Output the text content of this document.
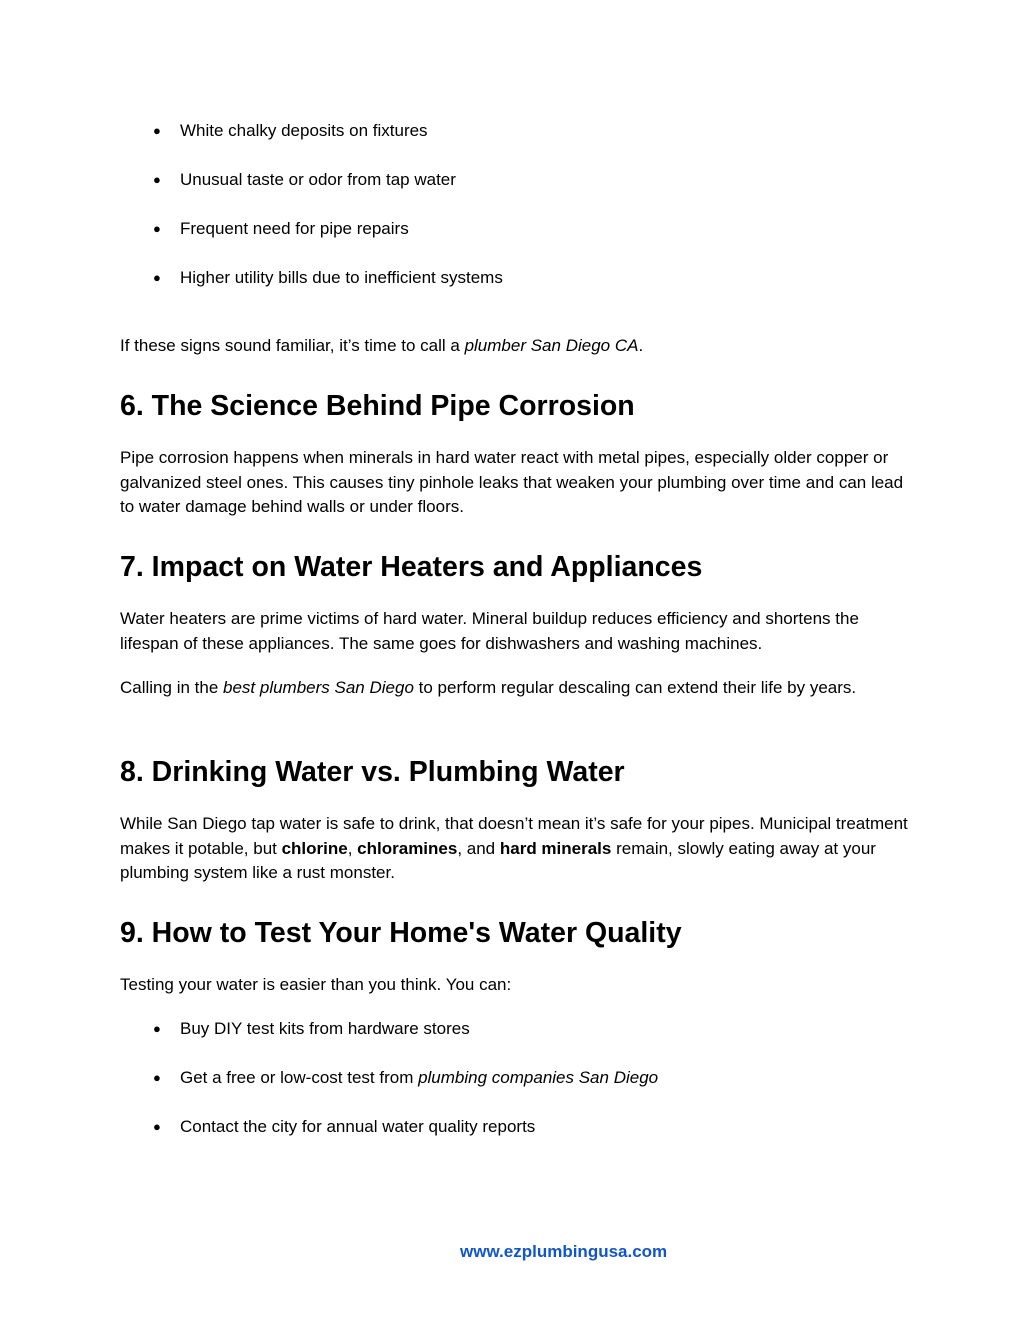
● White chalky deposits on fixtures
● Unusual taste or odor from tap water
● Frequent need for pipe repairs
● Higher utility bills due to inefficient systems

If these signs sound familiar, it’s time to call a plumber San Diego CA.

6. The Science Behind Pipe Corrosion

Pipe corrosion happens when minerals in hard water react with metal pipes, especially older copper or galvanized steel ones. This causes tiny pinhole leaks that weaken your plumbing over time and can lead to water damage behind walls or under floors.

7. Impact on Water Heaters and Appliances

Water heaters are prime victims of hard water. Mineral buildup reduces efficiency and shortens the lifespan of these appliances. The same goes for dishwashers and washing machines.

Calling in the best plumbers San Diego to perform regular descaling can extend their life by years.

8. Drinking Water vs. Plumbing Water

While San Diego tap water is safe to drink, that doesn’t mean it’s safe for your pipes. Municipal treatment makes it potable, but chlorine, chloramines, and hard minerals remain, slowly eating away at your plumbing system like a rust monster.

9. How to Test Your Home's Water Quality

Testing your water is easier than you think. You can:

● Buy DIY test kits from hardware stores
● Get a free or low-cost test from plumbing companies San Diego
● Contact the city for annual water quality reports
www.ezplumbingusa.com
